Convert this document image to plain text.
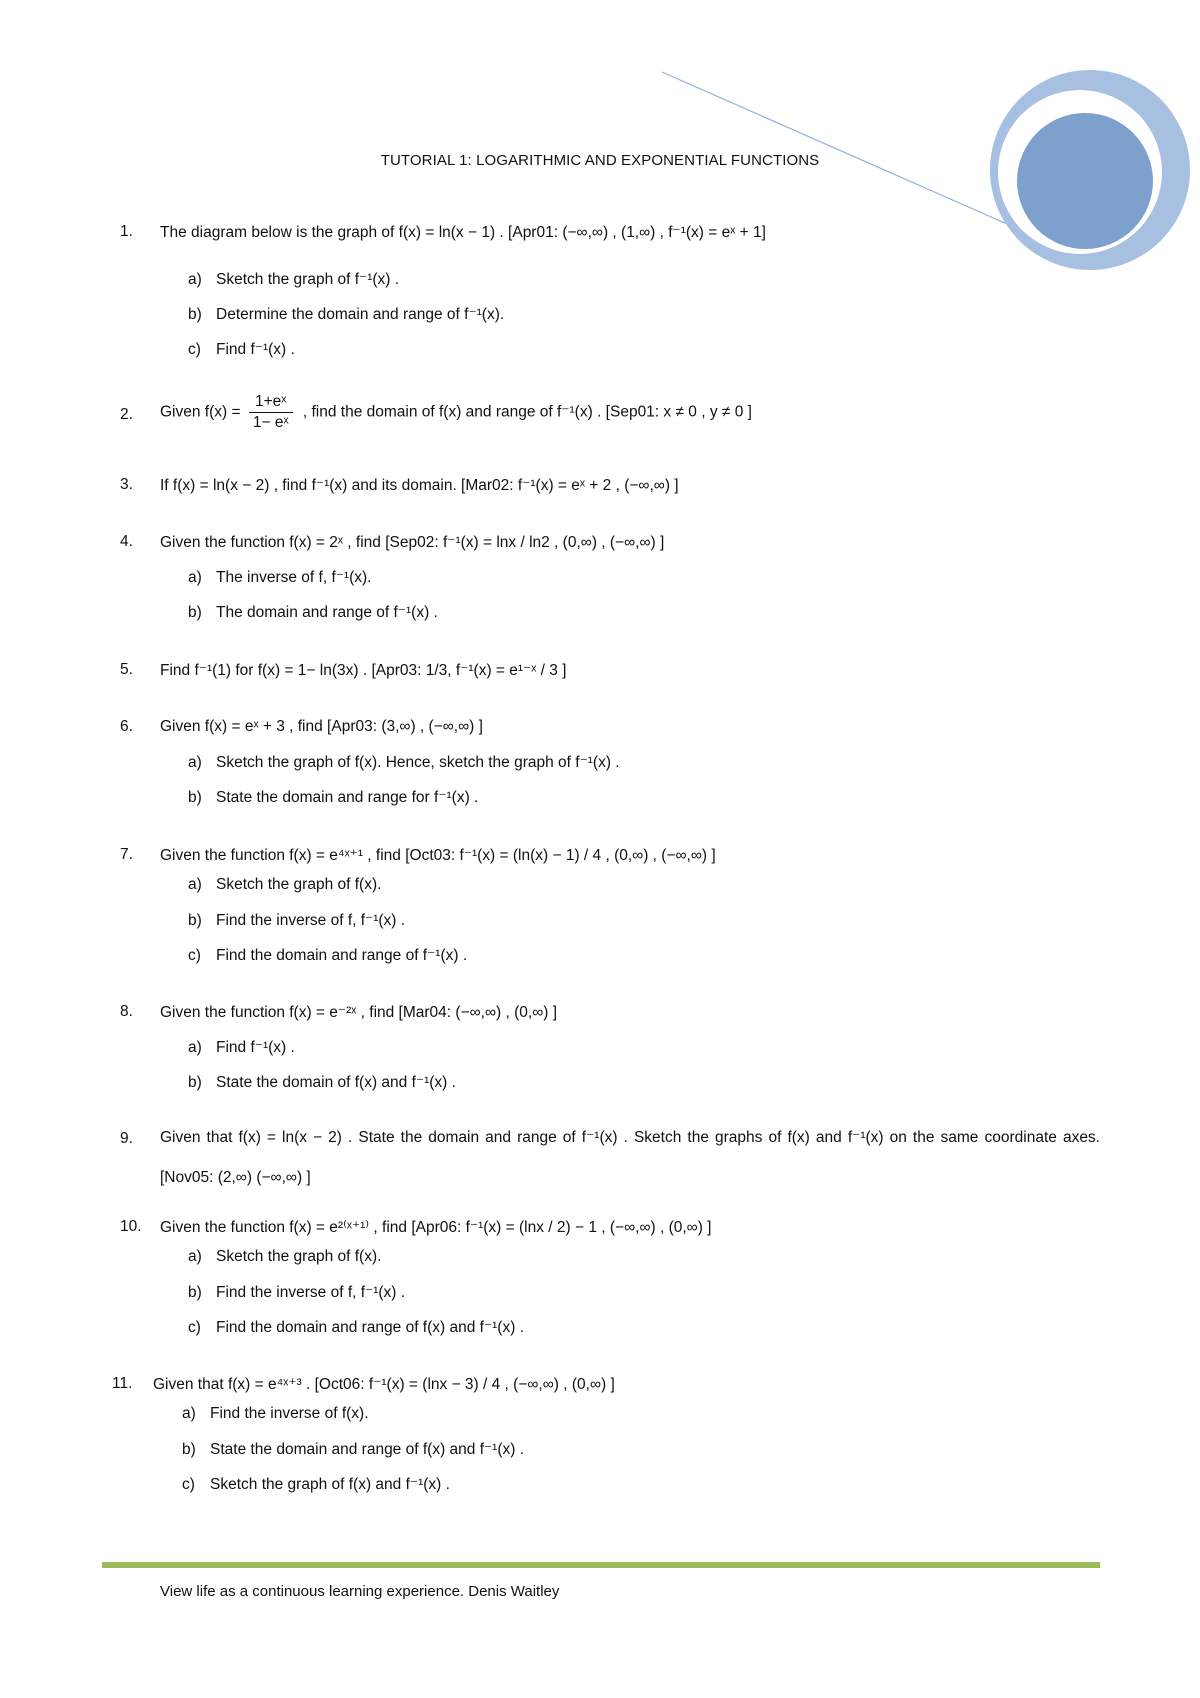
TUTORIAL 1: LOGARITHMIC AND EXPONENTIAL FUNCTIONS
1. The diagram below is the graph of f(x) = ln(x − 1) . [Apr01: (−∞,∞) , (1,∞) , f⁻¹(x) = eˣ + 1]
a) Sketch the graph of f⁻¹(x) .
b) Determine the domain and range of f⁻¹(x).
c) Find f⁻¹(x) .
2. Given $f(x) = \frac{\text{1+eˣ}}{\text{1− eˣ}}$ , find the domain of f(x) and range of f⁻¹(x) . [Sep01: x ≠ 0 , y ≠ 0 ]
3. If f(x) = ln(x − 2) , find f⁻¹(x) and its domain. [Mar02: f⁻¹(x) = eˣ + 2 , (−∞,∞) ]
4. Given the function f(x) = 2ˣ , find [Sep02: f⁻¹(x) = lnx / ln2 , (0,∞) , (−∞,∞) ]
a) The inverse of f, f⁻¹(x).
b) The domain and range of f⁻¹(x) .
5. Find f⁻¹(1) for f(x) = 1− ln(3x) . [Apr03: 1/3, f⁻¹(x) = e¹⁻ˣ / 3 ]
6. Given f(x) = eˣ + 3 , find [Apr03: (3,∞) , (−∞,∞) ]
a) Sketch the graph of f(x). Hence, sketch the graph of f⁻¹(x) .
b) State the domain and range for f⁻¹(x) .
7. Given the function f(x) = e⁴ˣ⁺¹ , find [Oct03: f⁻¹(x) = (ln(x) − 1) / 4 , (0,∞) , (−∞,∞) ]
a) Sketch the graph of f(x).
b) Find the inverse of f, f⁻¹(x) .
c) Find the domain and range of f⁻¹(x) .
8. Given the function f(x) = e⁻²ˣ , find [Mar04: (−∞,∞) , (0,∞) ]
a) Find f⁻¹(x) .
b) State the domain of f(x) and f⁻¹(x) .
9. Given that f(x) = ln(x − 2) . State the domain and range of f⁻¹(x) . Sketch the graphs of f(x) and f⁻¹(x) on the same coordinate axes. [Nov05: (2,∞) (−∞,∞) ]
10. Given the function f(x) = e²⁽ˣ⁺¹⁾ , find [Apr06: f⁻¹(x) = (lnx / 2) − 1 , (−∞,∞) , (0,∞) ]
a) Sketch the graph of f(x).
b) Find the inverse of f, f⁻¹(x) .
c) Find the domain and range of f(x) and f⁻¹(x) .
11. Given that f(x) = e⁴ˣ⁺³ . [Oct06: f⁻¹(x) = (lnx − 3) / 4 , (−∞,∞) , (0,∞) ]
a) Find the inverse of f(x).
b) State the domain and range of f(x) and f⁻¹(x) .
c) Sketch the graph of f(x) and f⁻¹(x) .
View life as a continuous learning experience. Denis Waitley
